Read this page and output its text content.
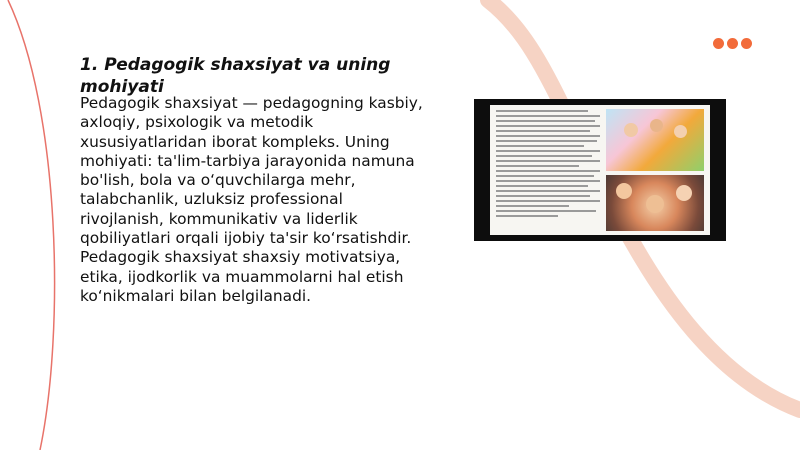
1. Pedagogik shaxsiyat va uning mohiyati
Pedagogik shaxsiyat — pedagogning kasbiy, axloqiy, psixologik va metodik xususiyatlaridan iborat kompleks. Uning mohiyati: ta'lim-tarbiya jarayonida namuna bo'lish, bola va o‘quvchilarga mehr, talabchanlik, uzluksiz professional rivojlanish, kommunikativ va liderlik qobiliyatlari orqali ijobiy ta'sir ko‘rsatishdir. Pedagogik shaxsiyat shaxsiy motivatsiya, etika, ijodkorlik va muammolarni hal etish ko‘nikmalari bilan belgilanadi.
